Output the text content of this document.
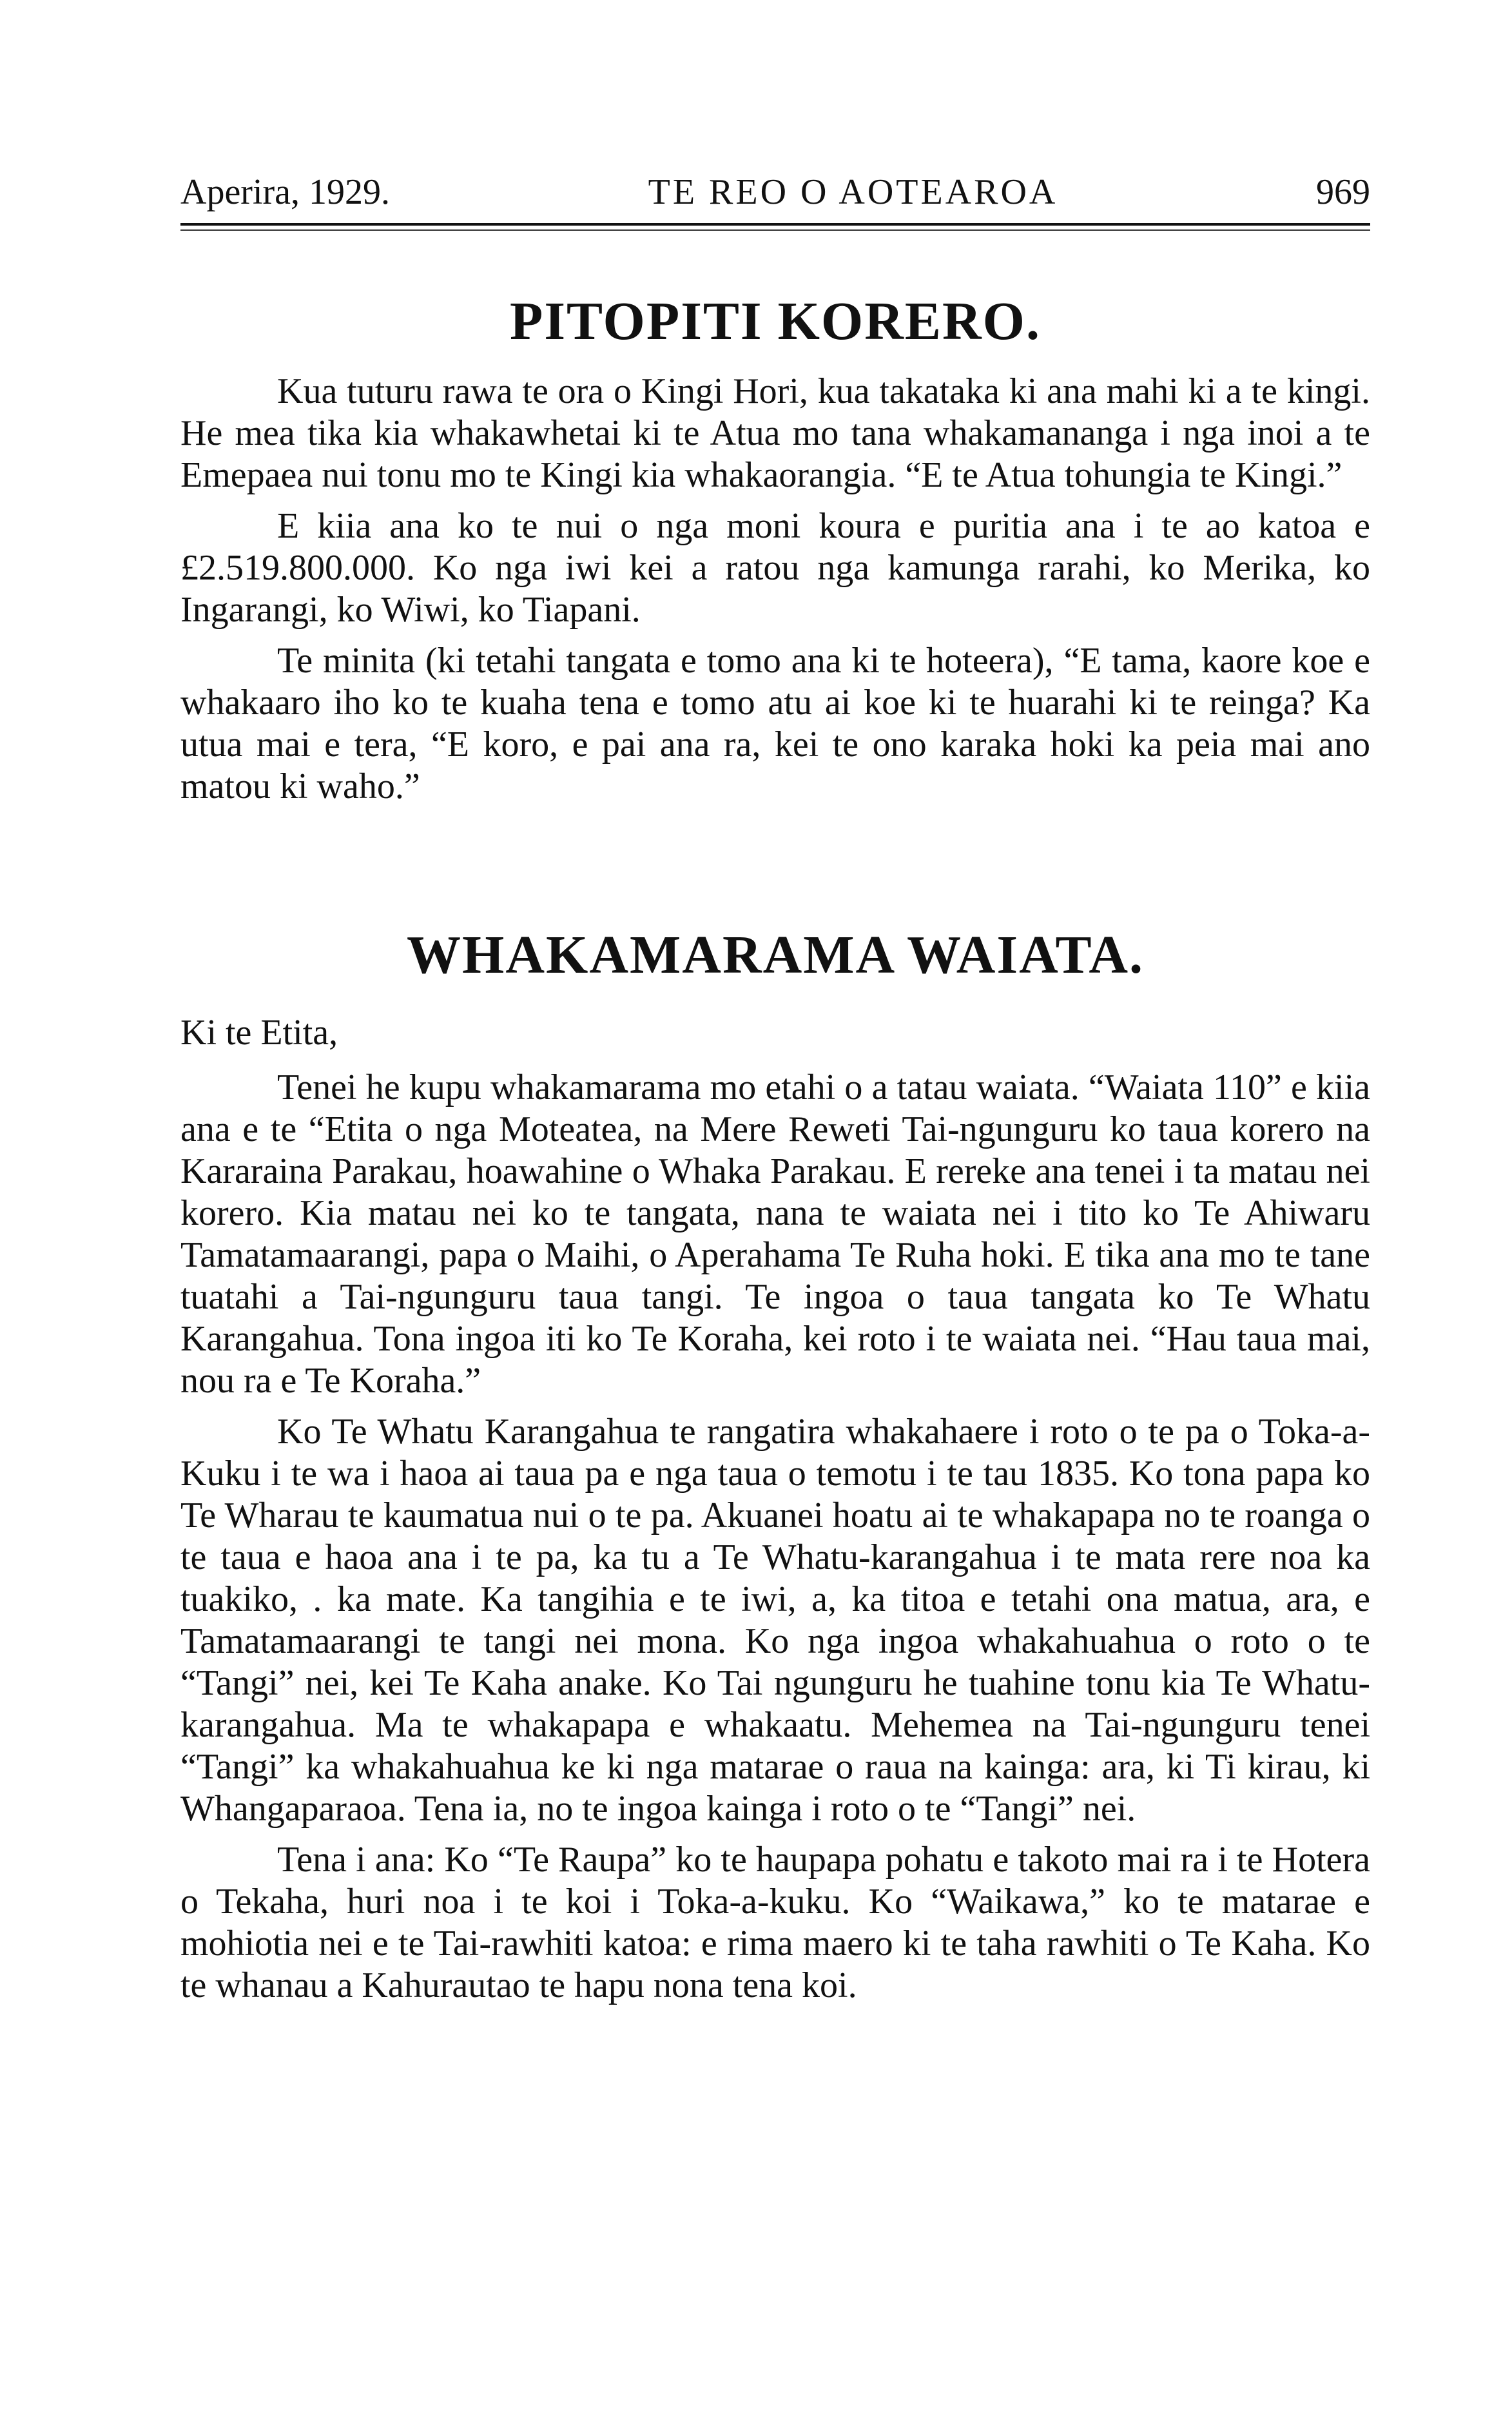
Aperira, 1929.	TE REO O AOTEAROA	969
PITOPITI KORERO.

Kua tuturu rawa te ora o Kingi Hori, kua takataka ki ana mahi ki a te kingi. He mea tika kia whakawhetai ki te Atua mo tana whakamananga i nga inoi a te Emepaea nui tonu mo te Kingi kia whakaorangia. “E te Atua tohungia te Kingi.”

E kiia ana ko te nui o nga moni koura e puritia ana i te ao katoa e £2.519.800.000. Ko nga iwi kei a ratou nga kamunga rarahi, ko Merika, ko Ingarangi, ko Wiwi, ko Tiapani.

Te minita (ki tetahi tangata e tomo ana ki te hoteera), “E tama, kaore koe e whakaaro iho ko te kuaha tena e tomo atu ai koe ki te huarahi ki te reinga? Ka utua mai e tera, “E koro, e pai ana ra, kei te ono karaka hoki ka peia mai ano matou ki waho.”

WHAKAMARAMA WAIATA.
Ki te Etita,

Tenei he kupu whakamarama mo etahi o a tatau waiata. “Waiata 110” e kiia ana e te “Etita o nga Moteatea, na Mere Reweti Tai-ngunguru ko taua korero na Kararaina Parakau, hoawahine o Whaka Parakau. E rereke ana tenei i ta matau nei korero. Kia matau nei ko te tangata, nana te waiata nei i tito ko Te Ahiwaru Tamatamaarangi, papa o Maihi, o Aperahama Te Ruha hoki. E tika ana mo te tane tuatahi a Tai-ngunguru taua tangi. Te ingoa o taua tangata ko Te Whatu Karangahua. Tona ingoa iti ko Te Koraha, kei roto i te waiata nei. “Hau taua mai, nou ra e Te Koraha.”

Ko Te Whatu Karangahua te rangatira whakahaere i roto o te pa o Toka-a-Kuku i te wa i haoa ai taua pa e nga taua o temotu i te tau 1835. Ko tona papa ko Te Wharau te kaumatua nui o te pa. Akuanei hoatu ai te whakapapa no te roanga o te taua e haoa ana i te pa, ka tu a Te Whatu-karangahua i te mata rere noa ka tuakiko, . ka mate. Ka tangihia e te iwi, a, ka titoa e tetahi ona matua, ara, e Tamatamaarangi te tangi nei mona. Ko nga ingoa whakahuahua o roto o te “Tangi” nei, kei Te Kaha anake. Ko Tai ngunguru he tuahine tonu kia Te Whatu-karangahua. Ma te whakapapa e whakaatu. Mehemea na Tai-ngunguru tenei “Tangi” ka whakahuahua ke ki nga matarae o raua na kainga: ara, ki Ti kirau, ki Whangaparaoa. Tena ia, no te ingoa kainga i roto o te “Tangi” nei.

Tena i ana: Ko “Te Raupa” ko te haupapa pohatu e takoto mai ra i te Hotera o Tekaha, huri noa i te koi i Toka-a-kuku. Ko “Waikawa,” ko te matarae e mohiotia nei e te Tai-rawhiti katoa: e rima maero ki te taha rawhiti o Te Kaha. Ko te whanau a Kahurautao te hapu nona tena koi.
